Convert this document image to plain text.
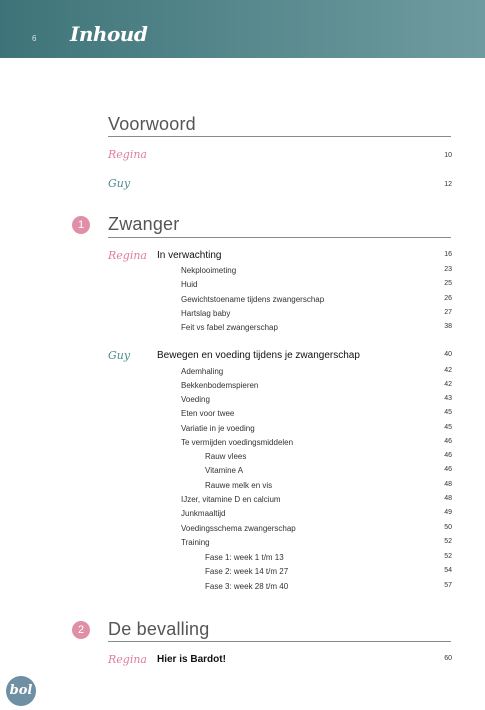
6 Inhoud
Voorwoord
Regina	10
Guy	12
1	Zwanger
Regina In verwachting	16
Nekplooimeting	23
Huid	25
Gewichtstoename tijdens zwangerschap	26
Hartslag baby	27
Feit vs fabel zwangerschap	38
Guy	Bewegen en voeding tijdens je zwangerschap	40
Ademhaling	42
Bekkenbodemspieren	42
Voeding	43
Eten voor twee	45
Variatie in je voeding	45
Te vermijden voedingsmiddelen	46
Rauw vlees	46
Vitamine A	46
Rauwe melk en vis	48
IJzer, vitamine D en calcium	48
Junkmaaltijd	49
Voedingsschema zwangerschap	50
Training	52
Fase 1: week 1 t/m 13	52
Fase 2: week 14 t/m 27	54
Fase 3: week 28 t/m 40	57
2	De bevalling
Regina Hier is Bardot!	60
bol
